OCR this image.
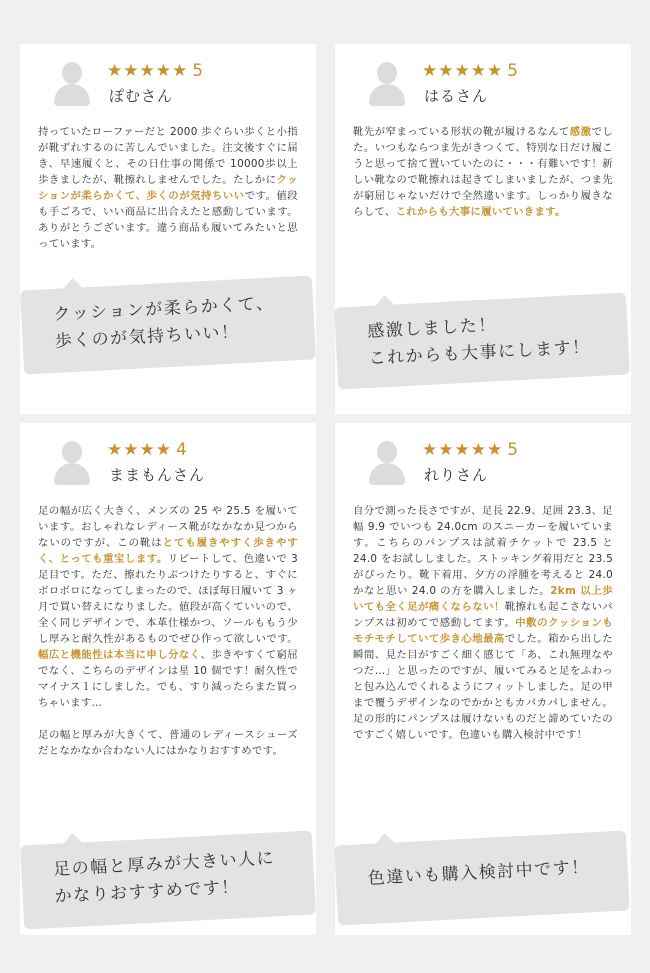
★★★★★ 5
ぽむさん
持っていたローファーだと 2000 歩ぐらい歩くと小指が靴ずれするのに苦しんでいました。注文後すぐに届き、早速履くと、その日仕事の関係で 10000歩以上歩きましたが、靴擦れしませんでした。たしかにクッションが柔らかくて、歩くのが気持ちいいです。値段も手ごろで、いい商品に出合えたと感動しています。ありがとうございます。違う商品も履いてみたいと思っています。
クッションが柔らかくて、
歩くのが気持ちいい！
★★★★★ 5
はるさん
靴先が窄まっている形状の靴が履けるなんて感激でした。いつもならつま先がきつくて、特別な日だけ履こうと思って捨て置いていたのに・・・有難いです！新しい靴なので靴擦れは起きてしまいましたが、つま先が窮屈じゃないだけで全然違います。しっかり履きならして、これからも大事に履いていきます。
感激しました！
これからも大事にします！
★★★★ 4
ままもんさん
足の幅が広く大きく、メンズの 25 や 25.5 を履いています。おしゃれなレディース靴がなかなか見つからないのですが、この靴はとても履きやすく歩きやすく、とっても重宝します。リピートして、色違いで 3 足目です。ただ、擦れたりぶつけたりすると、すぐにボロボロになってしまったので、ほぼ毎日履いて 3 ヶ月で買い替えになりました。値段が高くていいので、全く同じデザインで、本革仕様かつ、ソールももう少し厚みと耐久性があるものでぜひ作って欲しいです。幅広と機能性は本当に申し分なく、歩きやすくて窮屈でなく、こちらのデザインは星 10 個です！耐久性でマイナス１にしました。でも、すり減ったらまた買っちゃいます…
足の幅と厚みが大きくて、普通のレディースシューズだとなかなか合わない人にはかなりおすすめです。
足の幅と厚みが大きい人に
かなりおすすめです！
★★★★★ 5
れりさん
自分で測った長さですが、足長 22.9、足囲 23.3、足幅 9.9 でいつも 24.0cm のスニーカーを履いています。こちらのパンプスは試着チケットで 23.5 と 24.0 をお試ししました。ストッキング着用だと 23.5 がぴったり。靴下着用、夕方の浮腫を考えると 24.0 かなと思い 24.0 の方を購入しました。2km 以上歩いても全く足が痛くならない！靴擦れも起こさないパンプスは初めてで感動してます。中敷のクッションもモチモチしていて歩き心地最高でした。箱から出した瞬間、見た目がすごく細く感じて「あ、これ無理なやつだ…」と思ったのですが、履いてみると足をふわっと包み込んでくれるようにフィットしました。足の甲まで覆うデザインなのでかかともカパカパしません。足の形的にパンプスは履けないものだと諦めていたのですごく嬉しいです。色違いも購入検討中です！
色違いも購入検討中です！
